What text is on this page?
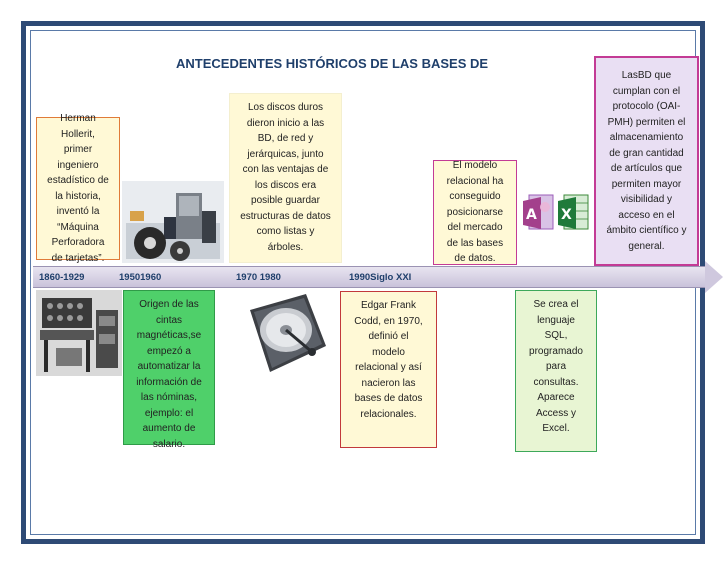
ANTECEDENTES HISTÓRICOS DE LAS BASES DE
Herman
Hollerit,
primer
ingeniero
estadístico de
la historia,
inventó la
“Máquina
Perforadora
de tarjetas”.
Los discos duros
dieron inicio a las
BD, de red y
jerárquicas, junto
con las ventajas de
los discos era
posible guardar
estructuras de datos
como listas y
árboles.
El modelo
relacional ha
conseguido
posicionarse
del mercado
de las bases
de datos.
LasBD que
cumplan con el
protocolo (OAI-
PMH) permiten el
almacenamiento
de gran cantidad
de artículos que
permiten mayor
visibilidad y
acceso en el
ámbito científico y
general.
1860-1929	19501960	1970 1980	1990Siglo XXI
Origen de las
cintas
magnéticas,se
empezó a
automatizar la
información de
las nóminas,
ejemplo: el
aumento de
salario.
Edgar Frank
Codd, en 1970,
definió el
modelo
relacional y así
nacieron las
bases de datos
relacionales.
Se crea el
lenguaje
SQL,
programado
para
consultas.
Aparece
Access y
Excel.
A X
